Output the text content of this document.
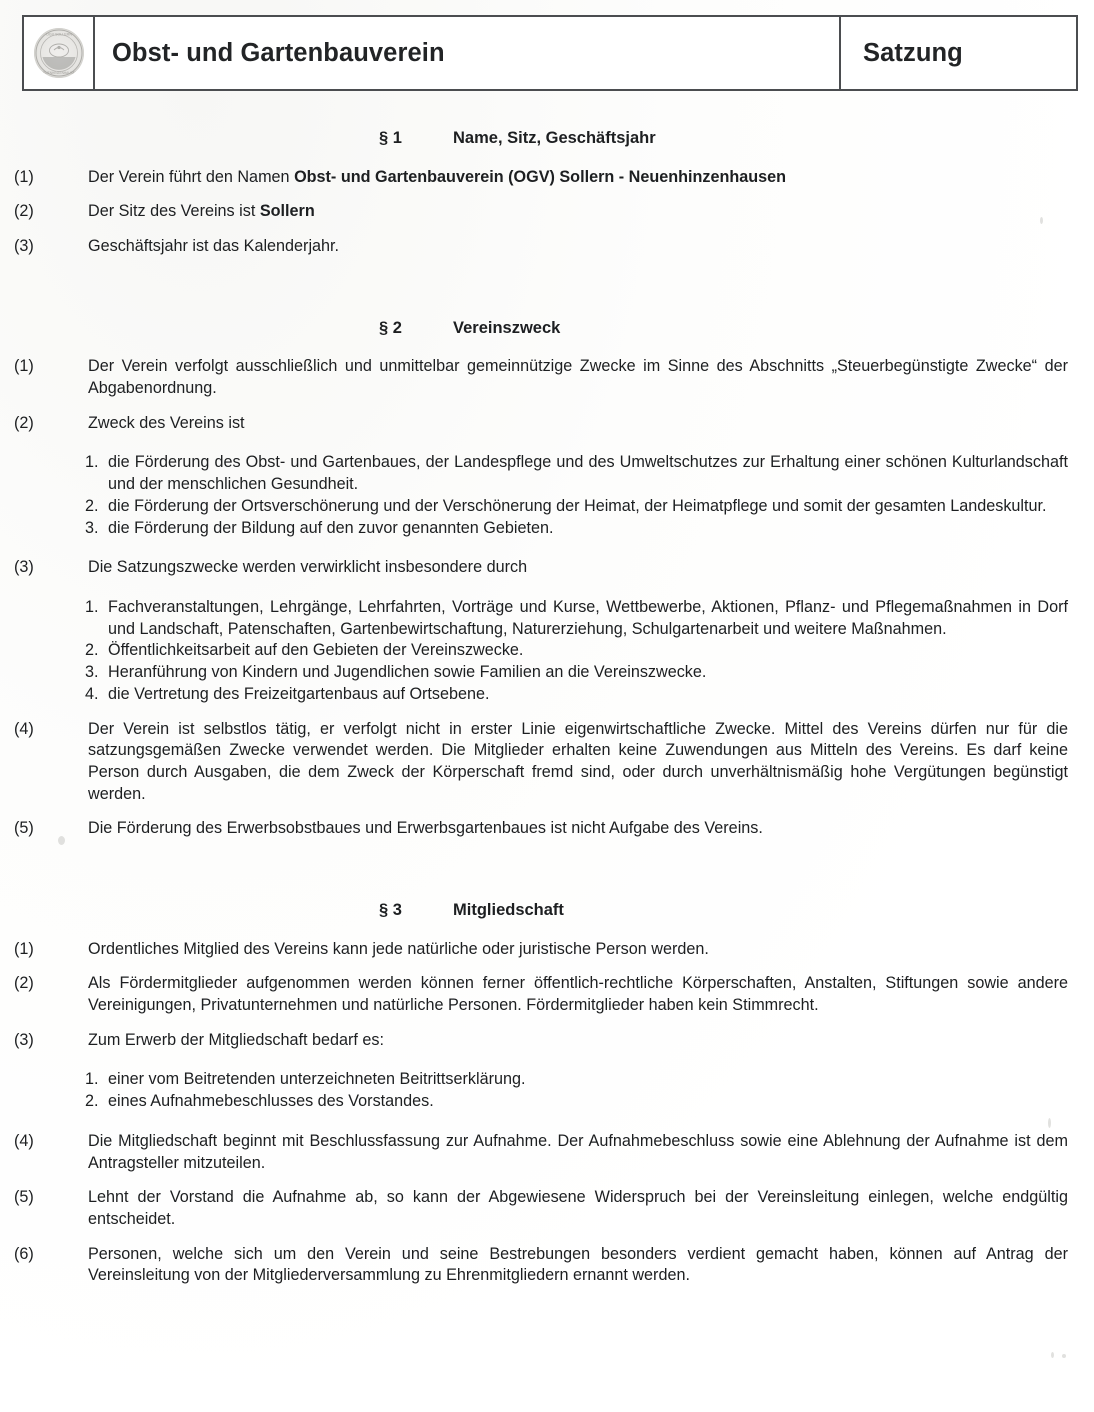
OGV SOLLERN
NEUENHINZENHAUSEN
Obst- und Gartenbauverein	Satzung

§ 1	Name, Sitz, Geschäftsjahr

(1)	Der Verein führt den Namen Obst- und Gartenbauverein (OGV) Sollern - Neuenhinzenhausen

(2)	Der Sitz des Vereins ist Sollern

(3)	Geschäftsjahr ist das Kalenderjahr.

§ 2	Vereinszweck

(1)	Der Verein verfolgt ausschließlich und unmittelbar gemeinnützige Zwecke im Sinne des Abschnitts „Steuerbegünstigte Zwecke“ der Abgabenordnung.

(2)	Zweck des Vereins ist

1. die Förderung des Obst- und Gartenbaues, der Landespflege und des Umweltschutzes zur Erhaltung einer schönen Kulturlandschaft und der menschlichen Gesundheit.
2. die Förderung der Ortsverschönerung und der Verschönerung der Heimat, der Heimatpflege und somit der gesamten Landeskultur.
3. die Förderung der Bildung auf den zuvor genannten Gebieten.

(3)	Die Satzungszwecke werden verwirklicht insbesondere durch

1. Fachveranstaltungen, Lehrgänge, Lehrfahrten, Vorträge und Kurse, Wettbewerbe, Aktionen, Pflanz- und Pflegemaßnahmen in Dorf und Landschaft, Patenschaften, Gartenbewirtschaftung, Naturerziehung, Schulgartenarbeit und weitere Maßnahmen.
2. Öffentlichkeitsarbeit auf den Gebieten der Vereinszwecke.
3. Heranführung von Kindern und Jugendlichen sowie Familien an die Vereinszwecke.
4. die Vertretung des Freizeitgartenbaus auf Ortsebene.

(4)	Der Verein ist selbstlos tätig, er verfolgt nicht in erster Linie eigenwirtschaftliche Zwecke. Mittel des Vereins dürfen nur für die satzungsgemäßen Zwecke verwendet werden. Die Mitglieder erhalten keine Zuwendungen aus Mitteln des Vereins. Es darf keine Person durch Ausgaben, die dem Zweck der Körperschaft fremd sind, oder durch unverhältnismäßig hohe Vergütungen begünstigt werden.

(5)	Die Förderung des Erwerbsobstbaues und Erwerbsgartenbaues ist nicht Aufgabe des Vereins.

§ 3	Mitgliedschaft

(1)	Ordentliches Mitglied des Vereins kann jede natürliche oder juristische Person werden.

(2)	Als Fördermitglieder aufgenommen werden können ferner öffentlich-rechtliche Körperschaften, Anstalten, Stiftungen sowie andere Vereinigungen, Privatunternehmen und natürliche Personen. Fördermitglieder haben kein Stimmrecht.

(3)	Zum Erwerb der Mitgliedschaft bedarf es:

1. einer vom Beitretenden unterzeichneten Beitrittserklärung.
2. eines Aufnahmebeschlusses des Vorstandes.

(4)	Die Mitgliedschaft beginnt mit Beschlussfassung zur Aufnahme. Der Aufnahmebeschluss sowie eine Ablehnung der Aufnahme ist dem Antragsteller mitzuteilen.

(5)	Lehnt der Vorstand die Aufnahme ab, so kann der Abgewiesene Widerspruch bei der Vereinsleitung einlegen, welche endgültig entscheidet.

(6)	Personen, welche sich um den Verein und seine Bestrebungen besonders verdient gemacht haben, können auf Antrag der Vereinsleitung von der Mitgliederversammlung zu Ehrenmitgliedern ernannt werden.
